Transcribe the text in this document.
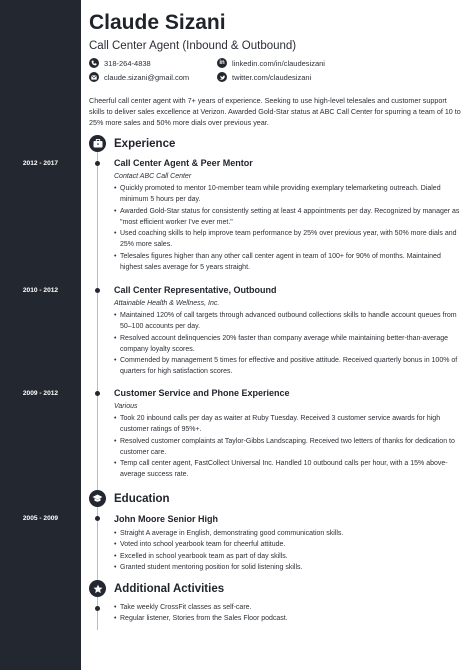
Claude Sizani
Call Center Agent (Inbound & Outbound)
318-264-4838
claude.sizani@gmail.com
in linkedin.com/in/claudesizani
twitter.com/claudesizani
Cheerful call center agent with 7+ years of experience. Seeking to use high-level telesales and customer support skills to deliver sales excellence at Verizon. Awarded Gold-Star status at ABC Call Center for spurring a team of 10 to 25% more sales and 50% more dials over previous year.
Experience
2012 - 2017	Call Center Agent & Peer Mentor
Contact ABC Call Center
• Quickly promoted to mentor 10-member team while providing exemplary telemarketing outreach. Dialed minimum 5 hours per day.
• Awarded Gold-Star status for consistently setting at least 4 appointments per day. Recognized by manager as "most efficient worker I've ever met."
• Used coaching skills to help improve team performance by 25% over previous year, with 50% more dials and 25% more sales.
• Telesales figures higher than any other call center agent in team of 100+ for 90% of months. Maintained highest sales average for 5 years straight.
2010 - 2012	Call Center Representative, Outbound
Attainable Health & Wellness, Inc.
• Maintained 120% of call targets through advanced outbound collections skills to handle account queues from 50–100 accounts per day.
• Resolved account delinquencies 20% faster than company average while maintaining better-than-average company loyalty scores.
• Commended by management 5 times for effective and positive attitude. Received quarterly bonus in 100% of quarters for high satisfaction scores.
2009 - 2012	Customer Service and Phone Experience
Various
• Took 20 inbound calls per day as waiter at Ruby Tuesday. Received 3 customer service awards for high customer ratings of 95%+.
• Resolved customer complaints at Taylor-Gibbs Landscaping. Received two letters of thanks for dedication to customer care.
• Temp call center agent, FastCollect Universal Inc. Handled 10 outbound calls per hour, with a 15% above-average success rate.
Education
2005 - 2009	John Moore Senior High
• Straight A average in English, demonstrating good communication skills.
• Voted into school yearbook team for cheerful attitude.
• Excelled in school yearbook team as part of day skills.
• Granted student mentoring position for solid listening skills.
Additional Activities
• Take weekly CrossFit classes as self-care.
• Regular listener, Stories from the Sales Floor podcast.
